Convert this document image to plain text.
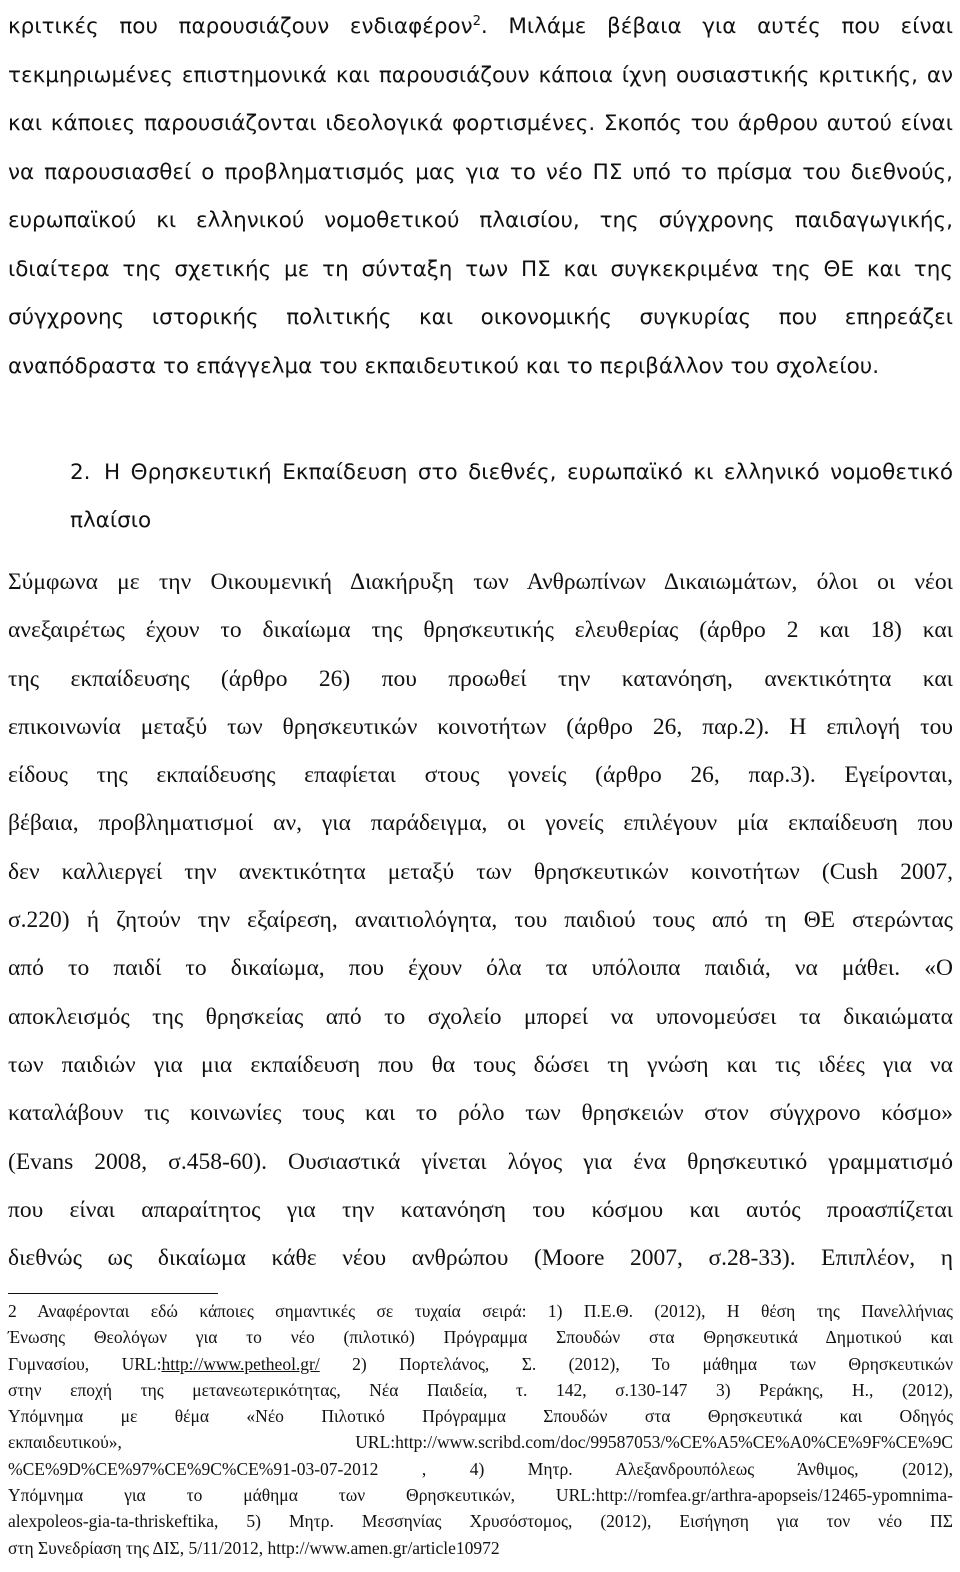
κριτικές που παρουσιάζουν ενδιαφέρον$^2$. Μιλάμε βέβαια για αυτές που είναι
τεκμηριωμένες επιστημονικά και παρουσιάζουν κάποια ίχνη ουσιαστικής κριτικής, αν
και κάποιες παρουσιάζονται ιδεολογικά φορτισμένες. Σκοπός του άρθρου αυτού είναι
να παρουσιασθεί ο προβληματισμός μας για το νέο ΠΣ υπό το πρίσμα του διεθνούς,
ευρωπαϊκού κι ελληνικού νομοθετικού πλαισίου, της σύγχρονης παιδαγωγικής,
ιδιαίτερα της σχετικής με τη σύνταξη των ΠΣ και συγκεκριμένα της ΘΕ και της
σύγχρονης ιστορικής πολιτικής και οικονομικής συγκυρίας που επηρεάζει
αναπόδραστα το επάγγελμα του εκπαιδευτικού και το περιβάλλον του σχολείου.
2. Η Θρησκευτική Εκπαίδευση στο διεθνές, ευρωπαϊκό κι ελληνικό νομοθετικό
πλαίσιο
Σύμφωνα με την Οικουμενική Διακήρυξη των Ανθρωπίνων Δικαιωμάτων, όλοι οι νέοι
ανεξαιρέτως έχουν το δικαίωμα της θρησκευτικής ελευθερίας (άρθρο 2 και 18) και
της εκπαίδευσης (άρθρο 26) που προωθεί την κατανόηση, ανεκτικότητα και
επικοινωνία μεταξύ των θρησκευτικών κοινοτήτων (άρθρο 26, παρ.2). Η επιλογή του
είδους της εκπαίδευσης επαφίεται στους γονείς (άρθρο 26, παρ.3). Εγείρονται,
βέβαια, προβληματισμοί αν, για παράδειγμα, οι γονείς επιλέγουν μία εκπαίδευση που
δεν καλλιεργεί την ανεκτικότητα μεταξύ των θρησκευτικών κοινοτήτων (Cush 2007,
σ.220) ή ζητούν την εξαίρεση, αναιτιολόγητα, του παιδιού τους από τη ΘΕ στερώντας
από το παιδί το δικαίωμα, που έχουν όλα τα υπόλοιπα παιδιά, να μάθει. «Ο
αποκλεισμός της θρησκείας από το σχολείο μπορεί να υπονομεύσει τα δικαιώματα
των παιδιών για μια εκπαίδευση που θα τους δώσει τη γνώση και τις ιδέες για να
καταλάβουν τις κοινωνίες τους και το ρόλο των θρησκειών στον σύγχρονο κόσμο»
(Evans 2008, σ.458-60). Ουσιαστικά γίνεται λόγος για ένα θρησκευτικό γραμματισμό
που είναι απαραίτητος για την κατανόηση του κόσμου και αυτός προασπίζεται
διεθνώς ως δικαίωμα κάθε νέου ανθρώπου (Moore 2007, σ.28-33). Επιπλέον, η
2 Αναφέρονται εδώ κάποιες σημαντικές σε τυχαία σειρά: 1) Π.Ε.Θ. (2012), Η θέση της Πανελλήνιας
Ένωσης Θεολόγων για το νέο (πιλοτικό) Πρόγραμμα Σπουδών στα Θρησκευτικά Δημοτικού και
Γυμνασίου, URL:http://www.petheol.gr/ 2) Πορτελάνος, Σ. (2012), Το μάθημα των Θρησκευτικών
στην εποχή της μετανεωτερικότητας, Νέα Παιδεία, τ. 142, σ.130-147 3) Ρεράκης, Η., (2012),
Υπόμνημα με θέμα «Νέο Πιλοτικό Πρόγραμμα Σπουδών στα Θρησκευτικά και Οδηγός
εκπαιδευτικού», URL:http://www.scribd.com/doc/99587053/%CE%A5%CE%A0%CE%9F%CE%9C
%CE%9D%CE%97%CE%9C%CE%91-03-07-2012 , 4) Μητρ. Αλεξανδρουπόλεως Άνθιμος, (2012),
Υπόμνημα για το μάθημα των Θρησκευτικών, URL:http://romfea.gr/arthra-apopseis/12465-ypomnima-
alexpoleos-gia-ta-thriskeftika, 5) Μητρ. Μεσσηνίας Χρυσόστομος, (2012), Εισήγηση για τον νέο ΠΣ
στη Συνεδρίαση της ΔΙΣ, 5/11/2012, http://www.amen.gr/article10972
